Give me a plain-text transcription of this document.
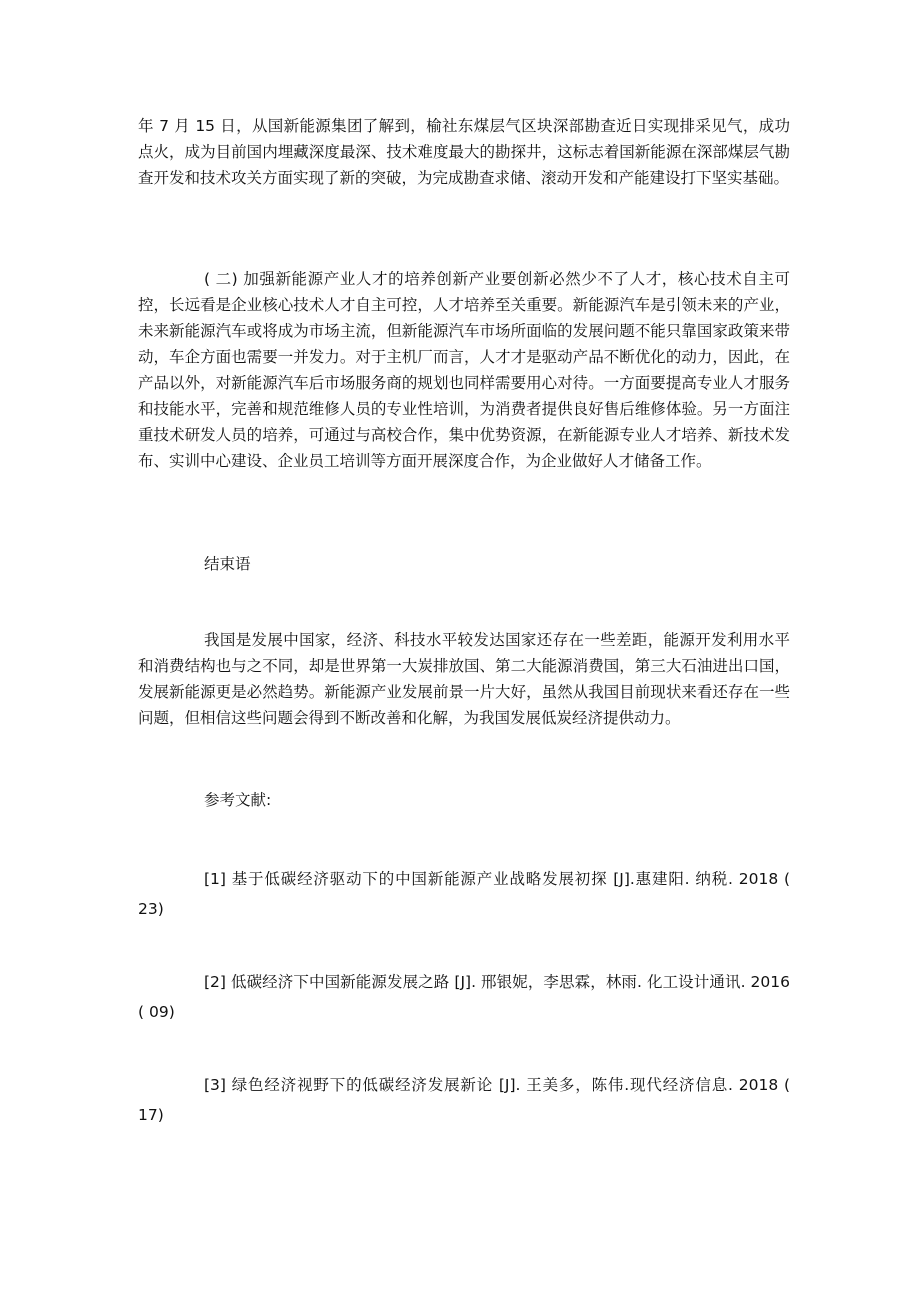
年 7 月 15 日，从国新能源集团了解到，榆社东煤层气区块深部勘查近日实现排采见气，成功点火，成为目前国内埋藏深度最深、技术难度最大的勘探井，这标志着国新能源在深部煤层气勘查开发和技术攻关方面实现了新的突破，为完成勘查求储、滚动开发和产能建设打下坚实基础。

( 二) 加强新能源产业人才的培养创新产业要创新必然少不了人才，核心技术自主可控，长远看是企业核心技术人才自主可控，人才培养至关重要。新能源汽车是引领未来的产业，未来新能源汽车或将成为市场主流，但新能源汽车市场所面临的发展问题不能只靠国家政策来带动，车企方面也需要一并发力。对于主机厂而言，人才才是驱动产品不断优化的动力，因此，在产品以外，对新能源汽车后市场服务商的规划也同样需要用心对待。一方面要提高专业人才服务和技能水平，完善和规范维修人员的专业性培训，为消费者提供良好售后维修体验。另一方面注重技术研发人员的培养，可通过与高校合作，集中优势资源，在新能源专业人才培养、新技术发布、实训中心建设、企业员工培训等方面开展深度合作，为企业做好人才储备工作。

结束语

我国是发展中国家，经济、科技水平较发达国家还存在一些差距，能源开发利用水平和消费结构也与之不同，却是世界第一大炭排放国、第二大能源消费国，第三大石油进出口国，发展新能源更是必然趋势。新能源产业发展前景一片大好，虽然从我国目前现状来看还存在一些问题，但相信这些问题会得到不断改善和化解，为我国发展低炭经济提供动力。

参考文献:

[1] 基于低碳经济驱动下的中国新能源产业战略发展初探 [J].惠建阳. 纳税. 2018 ( 23)

[2] 低碳经济下中国新能源发展之路 [J]. 邢银妮，李思霖，林雨. 化工设计通讯. 2016 ( 09)

[3] 绿色经济视野下的低碳经济发展新论 [J]. 王美多，陈伟.现代经济信息. 2018 ( 17)
